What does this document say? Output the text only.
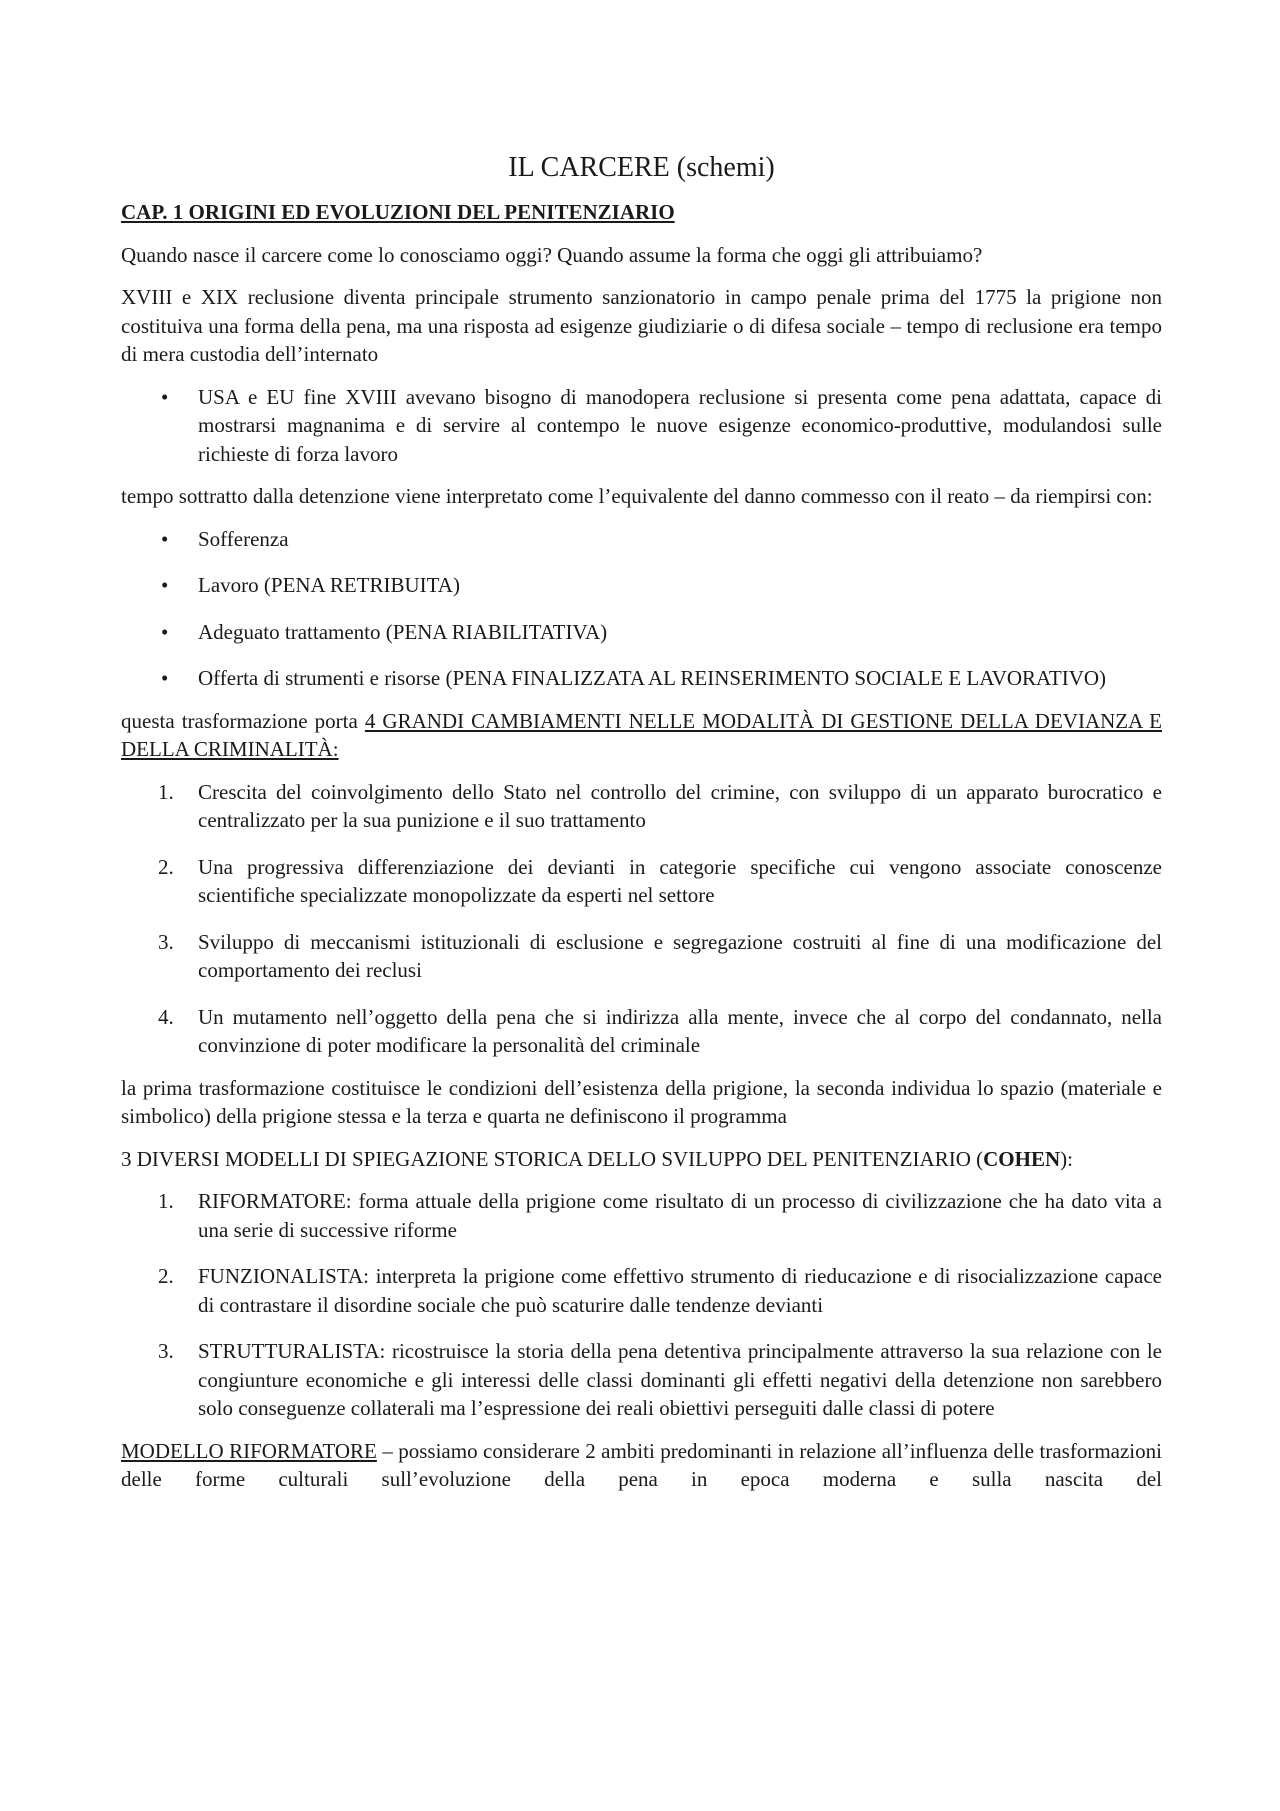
IL CARCERE (schemi)
CAP. 1 ORIGINI ED EVOLUZIONI DEL PENITENZIARIO

Quando nasce il carcere come lo conosciamo oggi? Quando assume la forma che oggi gli attribuiamo?

XVIII e XIX reclusione diventa principale strumento sanzionatorio in campo penale prima del 1775 la prigione non costituiva una forma della pena, ma una risposta ad esigenze giudiziarie o di difesa sociale – tempo di reclusione era tempo di mera custodia dell’internato

• USA e EU fine XVIII avevano bisogno di manodopera reclusione si presenta come pena adattata, capace di mostrarsi magnanima e di servire al contempo le nuove esigenze economico-produttive, modulandosi sulle richieste di forza lavoro

tempo sottratto dalla detenzione viene interpretato come l’equivalente del danno commesso con il reato – da riempirsi con:

• Sofferenza
• Lavoro (PENA RETRIBUITA)
• Adeguato trattamento (PENA RIABILITATIVA)
• Offerta di strumenti e risorse (PENA FINALIZZATA AL REINSERIMENTO SOCIALE E LAVORATIVO)

questa trasformazione porta 4 GRANDI CAMBIAMENTI NELLE MODALITÀ DI GESTIONE DELLA DEVIANZA E DELLA CRIMINALITÀ:

1. Crescita del coinvolgimento dello Stato nel controllo del crimine, con sviluppo di un apparato burocratico e centralizzato per la sua punizione e il suo trattamento
2. Una progressiva differenziazione dei devianti in categorie specifiche cui vengono associate conoscenze scientifiche specializzate monopolizzate da esperti nel settore
3. Sviluppo di meccanismi istituzionali di esclusione e segregazione costruiti al fine di una modificazione del comportamento dei reclusi
4. Un mutamento nell’oggetto della pena che si indirizza alla mente, invece che al corpo del condannato, nella convinzione di poter modificare la personalità del criminale

la prima trasformazione costituisce le condizioni dell’esistenza della prigione, la seconda individua lo spazio (materiale e simbolico) della prigione stessa e la terza e quarta ne definiscono il programma

3 DIVERSI MODELLI DI SPIEGAZIONE STORICA DELLO SVILUPPO DEL PENITENZIARIO (COHEN):

1. RIFORMATORE: forma attuale della prigione come risultato di un processo di civilizzazione che ha dato vita a una serie di successive riforme
2. FUNZIONALISTA: interpreta la prigione come effettivo strumento di rieducazione e di risocializzazione capace di contrastare il disordine sociale che può scaturire dalle tendenze devianti
3. STRUTTURALISTA: ricostruisce la storia della pena detentiva principalmente attraverso la sua relazione con le congiunture economiche e gli interessi delle classi dominanti gli effetti negativi della detenzione non sarebbero solo conseguenze collaterali ma l’espressione dei reali obiettivi perseguiti dalle classi di potere

MODELLO RIFORMATORE – possiamo considerare 2 ambiti predominanti in relazione all’influenza delle trasformazioni delle forme culturali sull’evoluzione della pena in epoca moderna e sulla nascita del
